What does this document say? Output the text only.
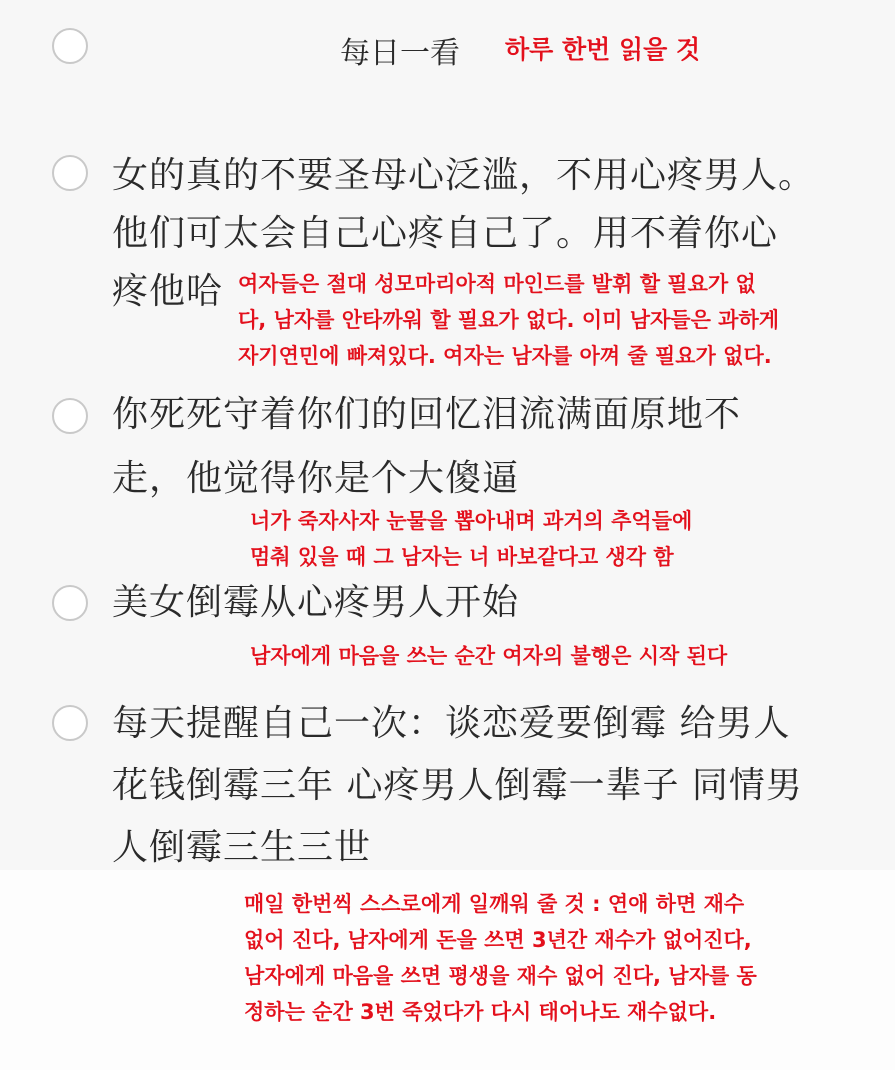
每日一看 하루 한번 읽을 것
女的真的不要圣母心泛滥，不用心疼男人。
他们可太会自己心疼自己了。用不着你心
疼他哈 여자들은 절대 성모마리아적 마인드를 발휘 할 필요가 없
다, 남자를 안타까워 할 필요가 없다. 이미 남자들은 과하게
자기연민에 빠져있다. 여자는 남자를 아껴 줄 필요가 없다.
你死死守着你们的回忆泪流满面原地不
走，他觉得你是个大傻逼
너가 죽자사자 눈물을 뽑아내며 과거의 추억들에
멈춰 있을 때 그 남자는 너 바보같다고 생각 함
美女倒霉从心疼男人开始
남자에게 마음을 쓰는 순간 여자의 불행은 시작 된다
每天提醒自己一次：谈恋爱要倒霉 给男人
花钱倒霉三年 心疼男人倒霉一辈子 同情男
人倒霉三生三世
매일 한번씩 스스로에게 일깨워 줄 것 : 연애 하면 재수
없어 진다, 남자에게 돈을 쓰면 3년간 재수가 없어진다,
남자에게 마음을 쓰면 평생을 재수 없어 진다, 남자를 동
정하는 순간 3번 죽었다가 다시 태어나도 재수없다.
